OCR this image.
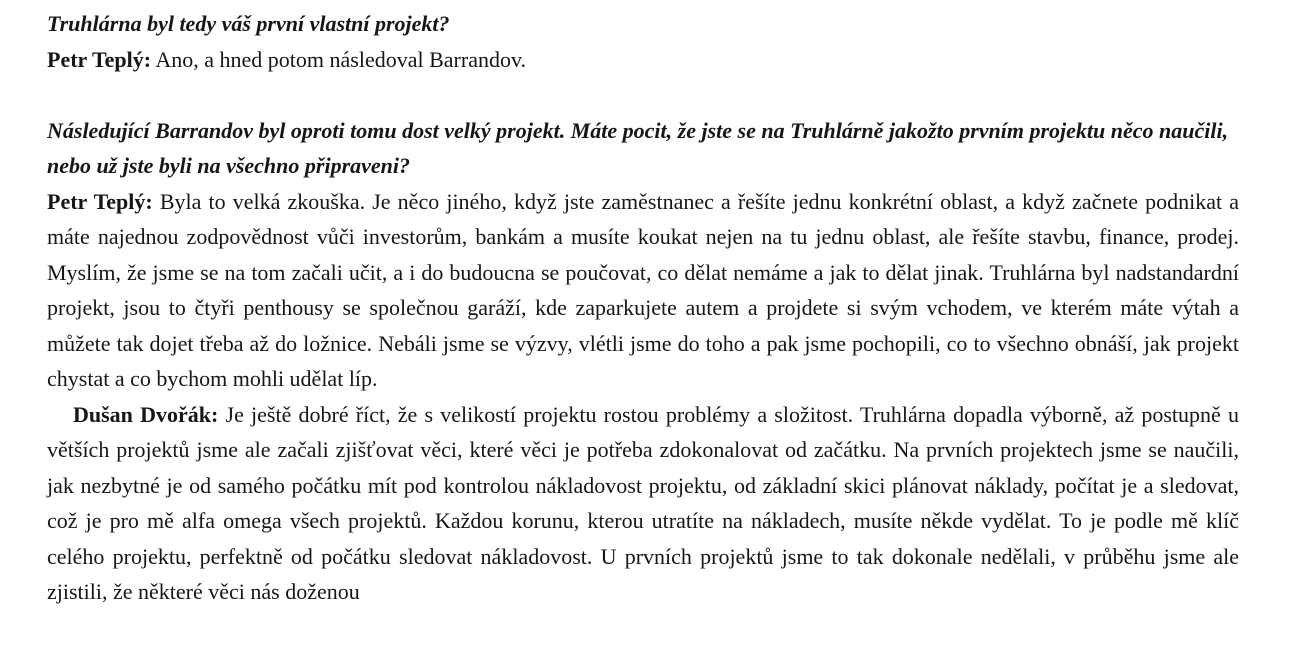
Truhlárna byl tedy váš první vlastní projekt?

Petr Teplý: Ano, a hned potom následoval Barrandov.

Následující Barrandov byl oproti tomu dost velký projekt. Máte pocit, že jste se na Truhlárně jakožto prvním projektu něco naučili, nebo už jste byli na všechno připraveni?

Petr Teplý: Byla to velká zkouška. Je něco jiného, když jste zaměstnanec a řešíte jednu konkrétní oblast, a když začnete podnikat a máte najednou zodpovědnost vůči investorům, bankám a musíte koukat nejen na tu jednu oblast, ale řešíte stavbu, finance, prodej. Myslím, že jsme se na tom začali učit, a i do budoucna se poučovat, co dělat nemáme a jak to dělat jinak. Truhlárna byl nadstandardní projekt, jsou to čtyři penthousy se společnou garáží, kde zaparkujete autem a projdete si svým vchodem, ve kterém máte výtah a můžete tak dojet třeba až do ložnice. Nebáli jsme se výzvy, vlétli jsme do toho a pak jsme pochopili, co to všechno obnáší, jak projekt chystat a co bychom mohli udělat líp.

Dušan Dvořák: Je ještě dobré říct, že s velikostí projektu rostou problémy a složitost. Truhlárna dopadla výborně, až postupně u větších projektů jsme ale začali zjišťovat věci, které věci je potřeba zdokonalovat od začátku. Na prvních projektech jsme se naučili, jak nezbytné je od samého počátku mít pod kontrolou nákladovost projektu, od základní skici plánovat náklady, počítat je a sledovat, což je pro mě alfa omega všech projektů. Každou korunu, kterou utratíte na nákladech, musíte někde vydělat. To je podle mě klíč celého projektu, perfektně od počátku sledovat nákladovost. U prvních projektů jsme to tak dokonale nedělali, v průběhu jsme ale zjistili, že některé věci nás doženou
